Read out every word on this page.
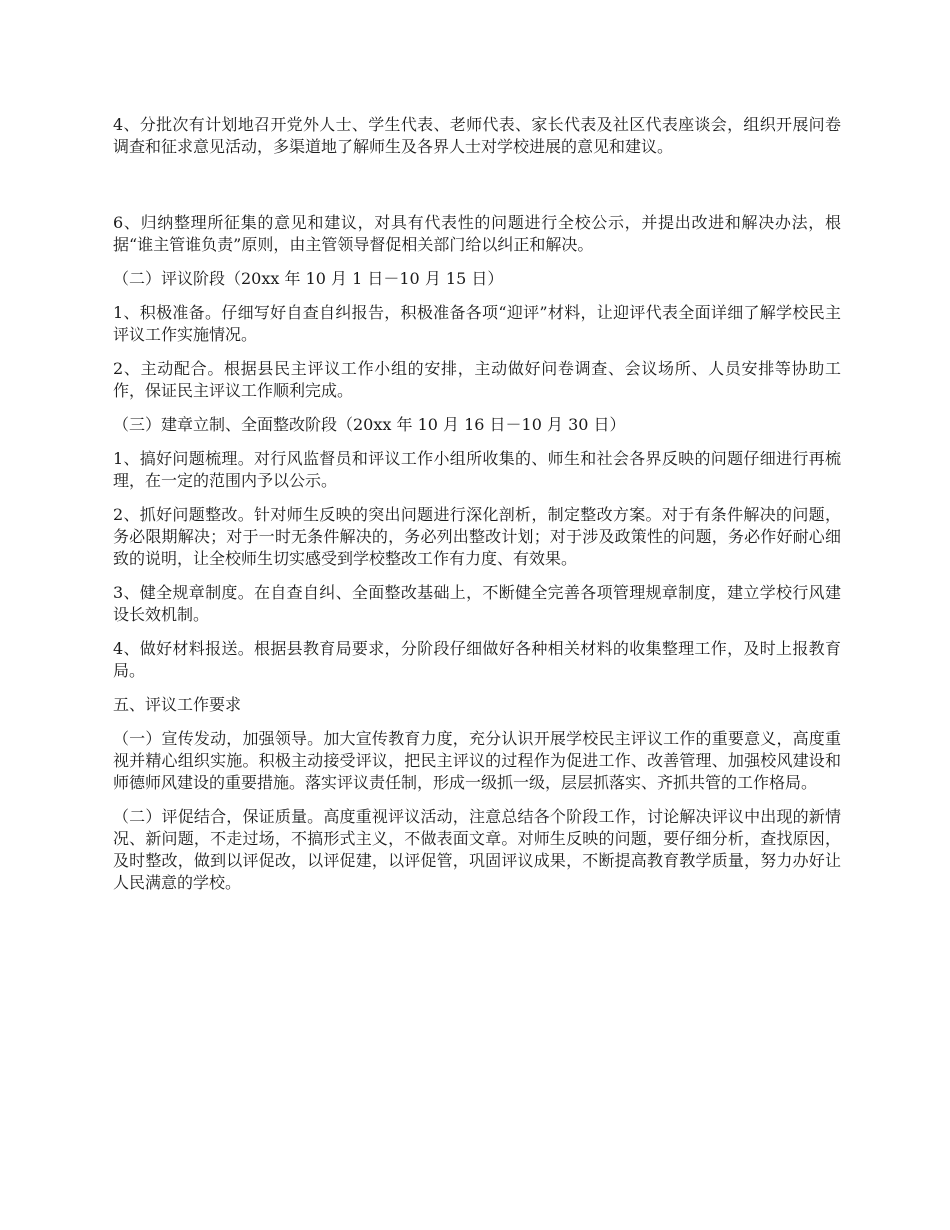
4、分批次有计划地召开党外人士、学生代表、老师代表、家长代表及社区代表座谈会，组织开展问卷调查和征求意见活动，多渠道地了解师生及各界人士对学校进展的意见和建议。

6、归纳整理所征集的意见和建议，对具有代表性的问题进行全校公示，并提出改进和解决办法，根据“谁主管谁负责”原则，由主管领导督促相关部门给以纠正和解决。

（二）评议阶段（20xx 年 10 月 1 日－10 月 15 日）

1、积极准备。仔细写好自查自纠报告，积极准备各项“迎评”材料，让迎评代表全面详细了解学校民主评议工作实施情况。

2、主动配合。根据县民主评议工作小组的安排，主动做好问卷调查、会议场所、人员安排等协助工作，保证民主评议工作顺利完成。

（三）建章立制、全面整改阶段（20xx 年 10 月 16 日－10 月 30 日）

1、搞好问题梳理。对行风监督员和评议工作小组所收集的、师生和社会各界反映的问题仔细进行再梳理，在一定的范围内予以公示。

2、抓好问题整改。针对师生反映的突出问题进行深化剖析，制定整改方案。对于有条件解决的问题，务必限期解决；对于一时无条件解决的，务必列出整改计划；对于涉及政策性的问题，务必作好耐心细致的说明，让全校师生切实感受到学校整改工作有力度、有效果。

3、健全规章制度。在自查自纠、全面整改基础上，不断健全完善各项管理规章制度，建立学校行风建设长效机制。

4、做好材料报送。根据县教育局要求，分阶段仔细做好各种相关材料的收集整理工作，及时上报教育局。

五、评议工作要求

（一）宣传发动，加强领导。加大宣传教育力度，充分认识开展学校民主评议工作的重要意义，高度重视并精心组织实施。积极主动接受评议，把民主评议的过程作为促进工作、改善管理、加强校风建设和师德师风建设的重要措施。落实评议责任制，形成一级抓一级，层层抓落实、齐抓共管的工作格局。

（二）评促结合，保证质量。高度重视评议活动，注意总结各个阶段工作，讨论解决评议中出现的新情况、新问题，不走过场，不搞形式主义，不做表面文章。对师生反映的问题，要仔细分析，查找原因，及时整改，做到以评促改，以评促建，以评促管，巩固评议成果，不断提高教育教学质量，努力办好让人民满意的学校。
